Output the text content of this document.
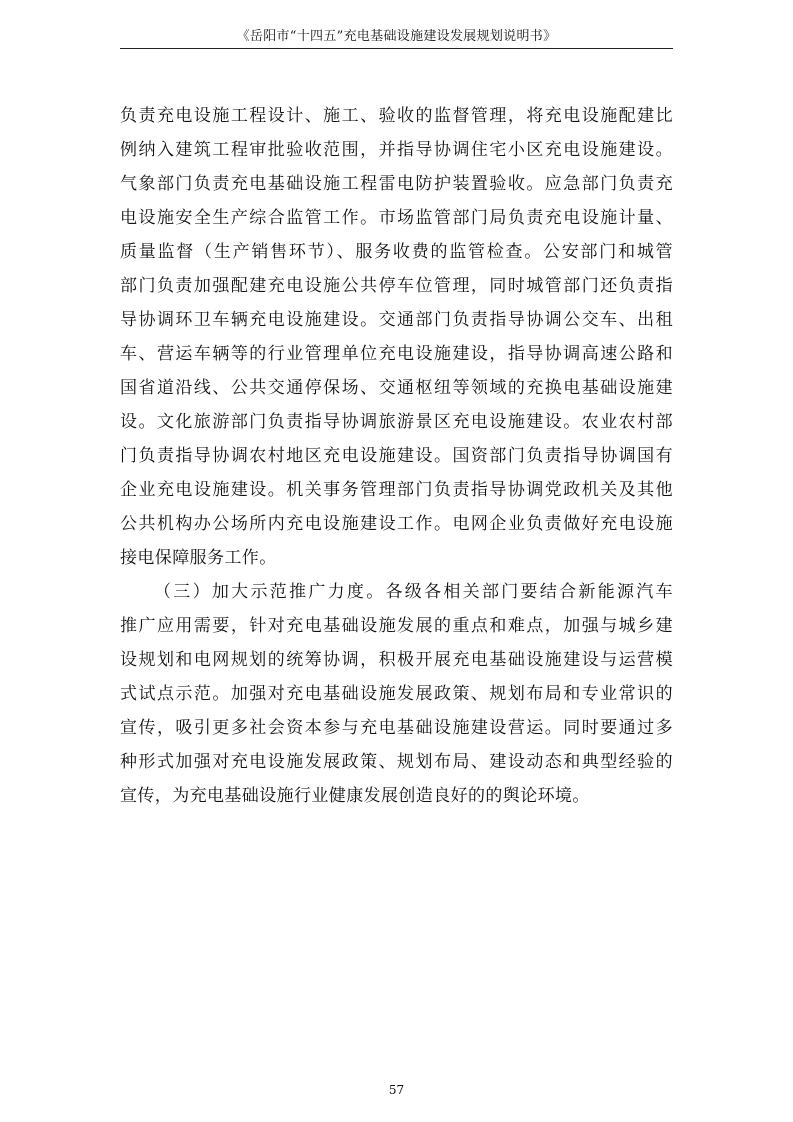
《岳阳市“十四五”充电基础设施建设发展规划说明书》
负责充电设施工程设计、施工、验收的监督管理，将充电设施配建比
例纳入建筑工程审批验收范围，并指导协调住宅小区充电设施建设。
气象部门负责充电基础设施工程雷电防护装置验收。应急部门负责充
电设施安全生产综合监管工作。市场监管部门局负责充电设施计量、
质量监督（生产销售环节）、服务收费的监管检查。公安部门和城管
部门负责加强配建充电设施公共停车位管理，同时城管部门还负责指
导协调环卫车辆充电设施建设。交通部门负责指导协调公交车、出租
车、营运车辆等的行业管理单位充电设施建设，指导协调高速公路和
国省道沿线、公共交通停保场、交通枢纽等领域的充换电基础设施建
设。文化旅游部门负责指导协调旅游景区充电设施建设。农业农村部
门负责指导协调农村地区充电设施建设。国资部门负责指导协调国有
企业充电设施建设。机关事务管理部门负责指导协调党政机关及其他
公共机构办公场所内充电设施建设工作。电网企业负责做好充电设施
接电保障服务工作。
（三）加大示范推广力度。各级各相关部门要结合新能源汽车
推广应用需要，针对充电基础设施发展的重点和难点，加强与城乡建
设规划和电网规划的统筹协调，积极开展充电基础设施建设与运营模
式试点示范。加强对充电基础设施发展政策、规划布局和专业常识的
宣传，吸引更多社会资本参与充电基础设施建设营运。同时要通过多
种形式加强对充电设施发展政策、规划布局、建设动态和典型经验的
宣传，为充电基础设施行业健康发展创造良好的的舆论环境。
57
